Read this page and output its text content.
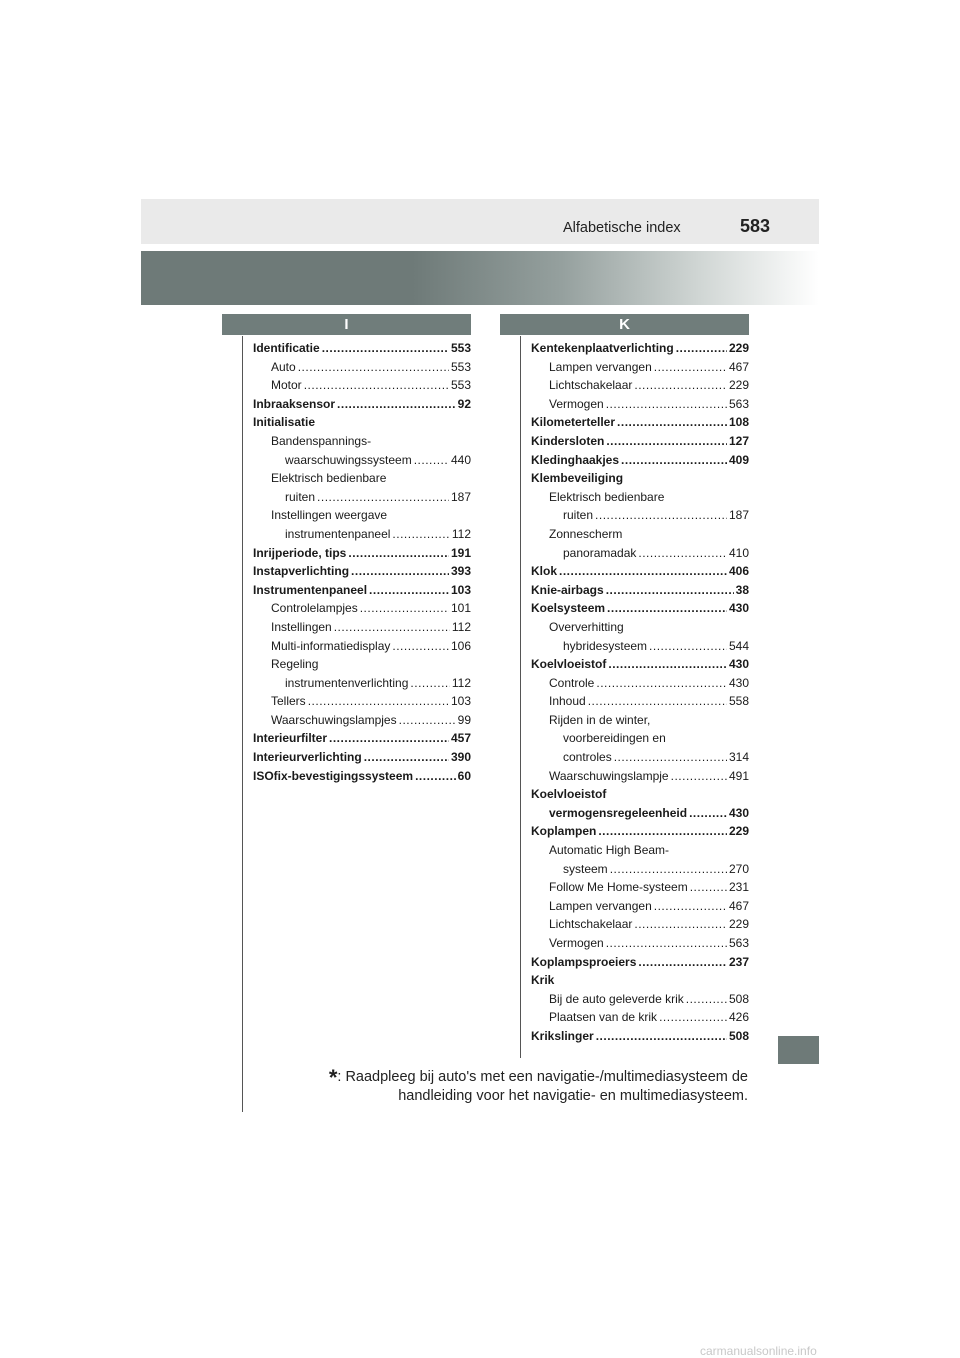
Alfabetische index	583
I	K
Identificatie .....	553
Auto .....	553
Motor .....	553
Inbraaksensor .....	92
Initialisatie
Bandenspannings-
waarschuwingssysteem .....	440
Elektrisch bedienbare
ruiten .....	187
Instellingen weergave
instrumentenpaneel .....	112
Inrijperiode, tips .....	191
Instapverlichting .....	393
Instrumentenpaneel .....	103
Controlelampjes .....	101
Instellingen .....	112
Multi-informatiedisplay .....	106
Regeling
instrumentenverlichting .....	112
Tellers .....	103
Waarschuwingslampjes .....	99
Interieurfilter .....	457
Interieurverlichting .....	390
ISOfix-bevestigingssysteem .....	60
Kentekenplaatverlichting .....	229
Lampen vervangen .....	467
Lichtschakelaar .....	229
Vermogen .....	563
Kilometerteller .....	108
Kindersloten .....	127
Kledinghaakjes .....	409
Klembeveiliging
Elektrisch bedienbare
ruiten .....	187
Zonnescherm
panoramadak .....	410
Klok .....	406
Knie-airbags .....	38
Koelsysteem .....	430
Oververhitting
hybridesysteem .....	544
Koelvloeistof .....	430
Controle .....	430
Inhoud .....	558
Rijden in de winter,
voorbereidingen en
controles .....	314
Waarschuwingslampje .....	491
Koelvloeistof
vermogensregeleenheid .....	430
Koplampen .....	229
Automatic High Beam-
systeem .....	270
Follow Me Home-systeem .....	231
Lampen vervangen .....	467
Lichtschakelaar .....	229
Vermogen .....	563
Koplampsproeiers .....	237
Krik
Bij de auto geleverde krik .....	508
Plaatsen van de krik .....	426
Krikslinger .....	508
*: Raadpleeg bij auto's met een navigatie-/multimediasysteem de
handleiding voor het navigatie- en multimediasysteem.
carmanualsonline.info
